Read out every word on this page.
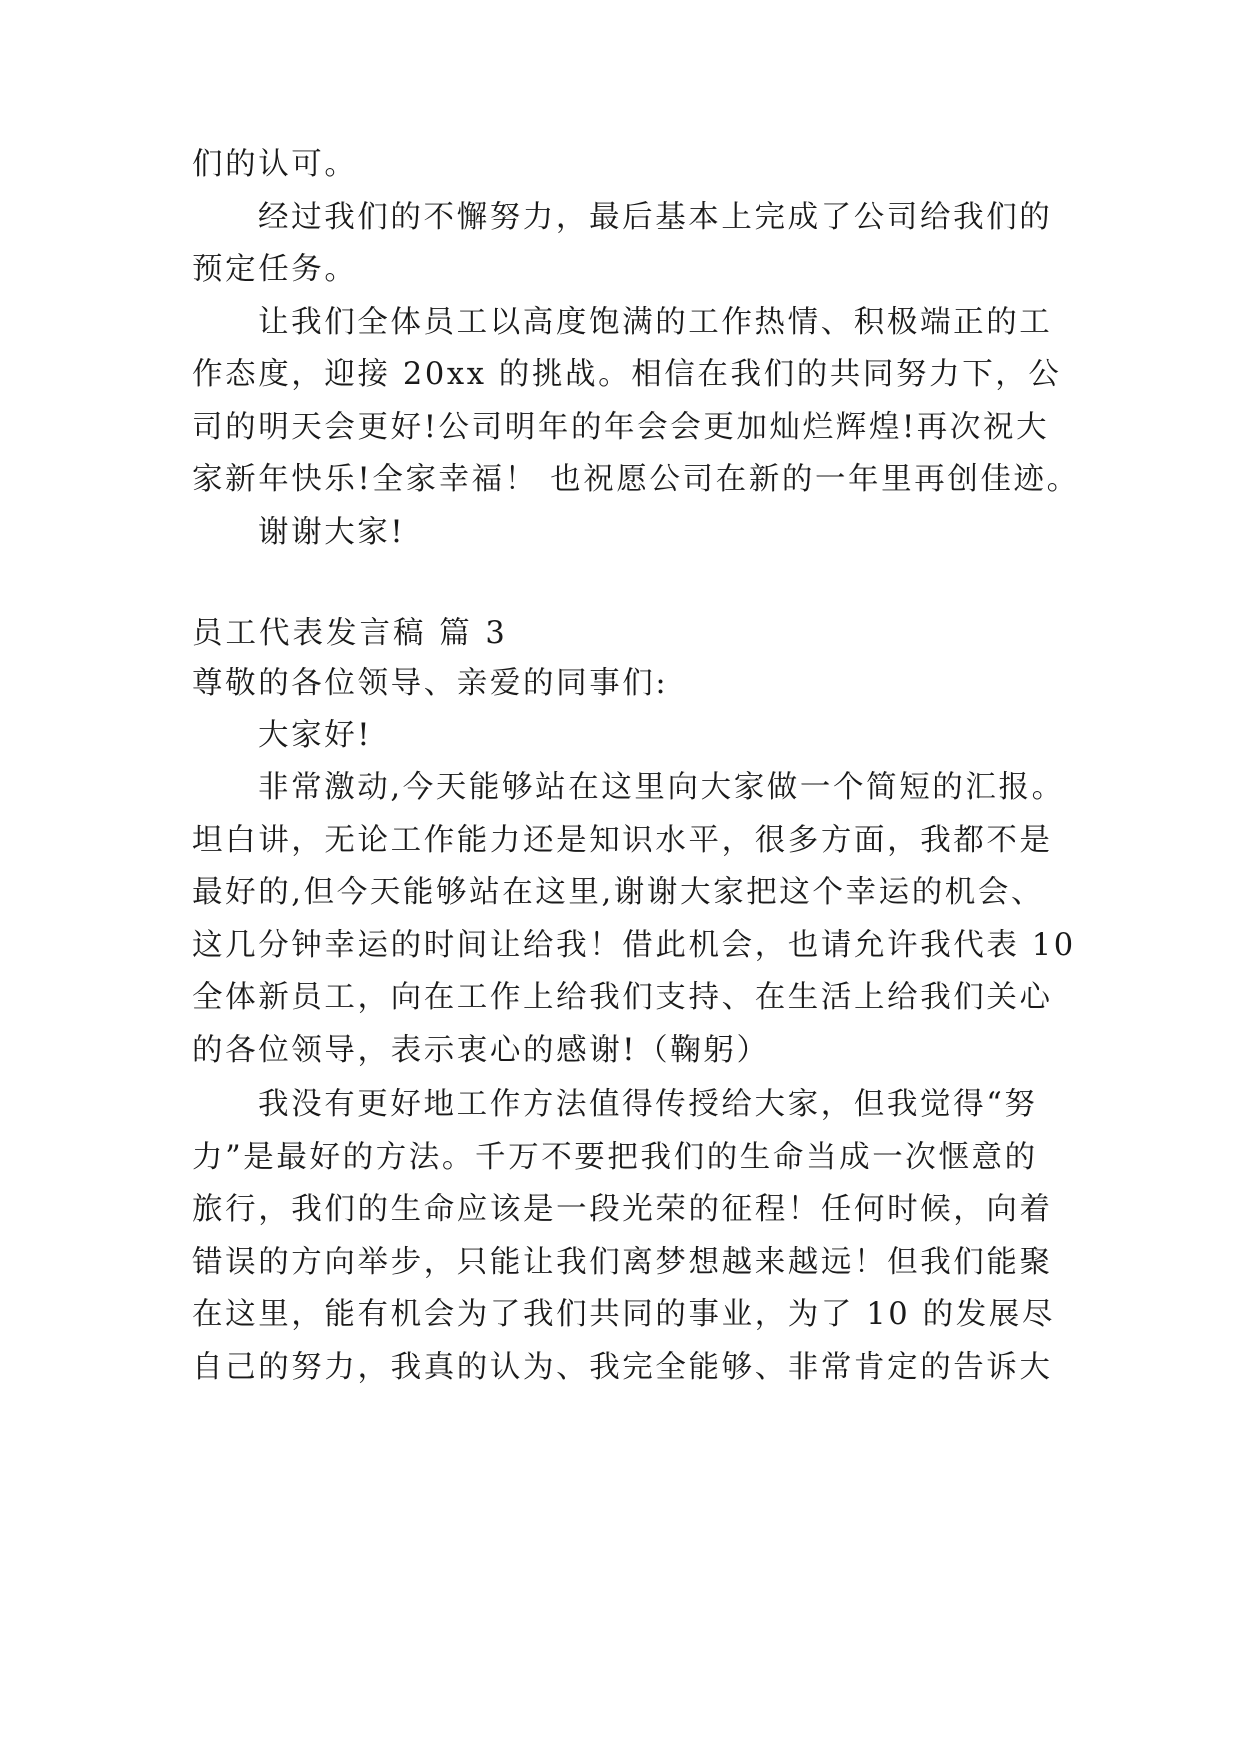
们的认可。
经过我们的不懈努力，最后基本上完成了公司给我们的
预定任务。
让我们全体员工以高度饱满的工作热情、积极端正的工
作态度，迎接 20xx 的挑战。相信在我们的共同努力下，公
司的明天会更好!公司明年的年会会更加灿烂辉煌!再次祝大
家新年快乐!全家幸福！ 也祝愿公司在新的一年里再创佳迹。
谢谢大家!
员工代表发言稿 篇 3
尊敬的各位领导、亲爱的同事们:
大家好!
非常激动,今天能够站在这里向大家做一个简短的汇报。
坦白讲，无论工作能力还是知识水平，很多方面，我都不是
最好的,但今天能够站在这里,谢谢大家把这个幸运的机会、
这几分钟幸运的时间让给我！借此机会，也请允许我代表 10
全体新员工，向在工作上给我们支持、在生活上给我们关心
的各位领导，表示衷心的感谢!（鞠躬）
我没有更好地工作方法值得传授给大家，但我觉得“努
力”是最好的方法。千万不要把我们的生命当成一次惬意的
旅行，我们的生命应该是一段光荣的征程！任何时候，向着
错误的方向举步，只能让我们离梦想越来越远！但我们能聚
在这里，能有机会为了我们共同的事业，为了 10 的发展尽
自己的努力，我真的认为、我完全能够、非常肯定的告诉大
